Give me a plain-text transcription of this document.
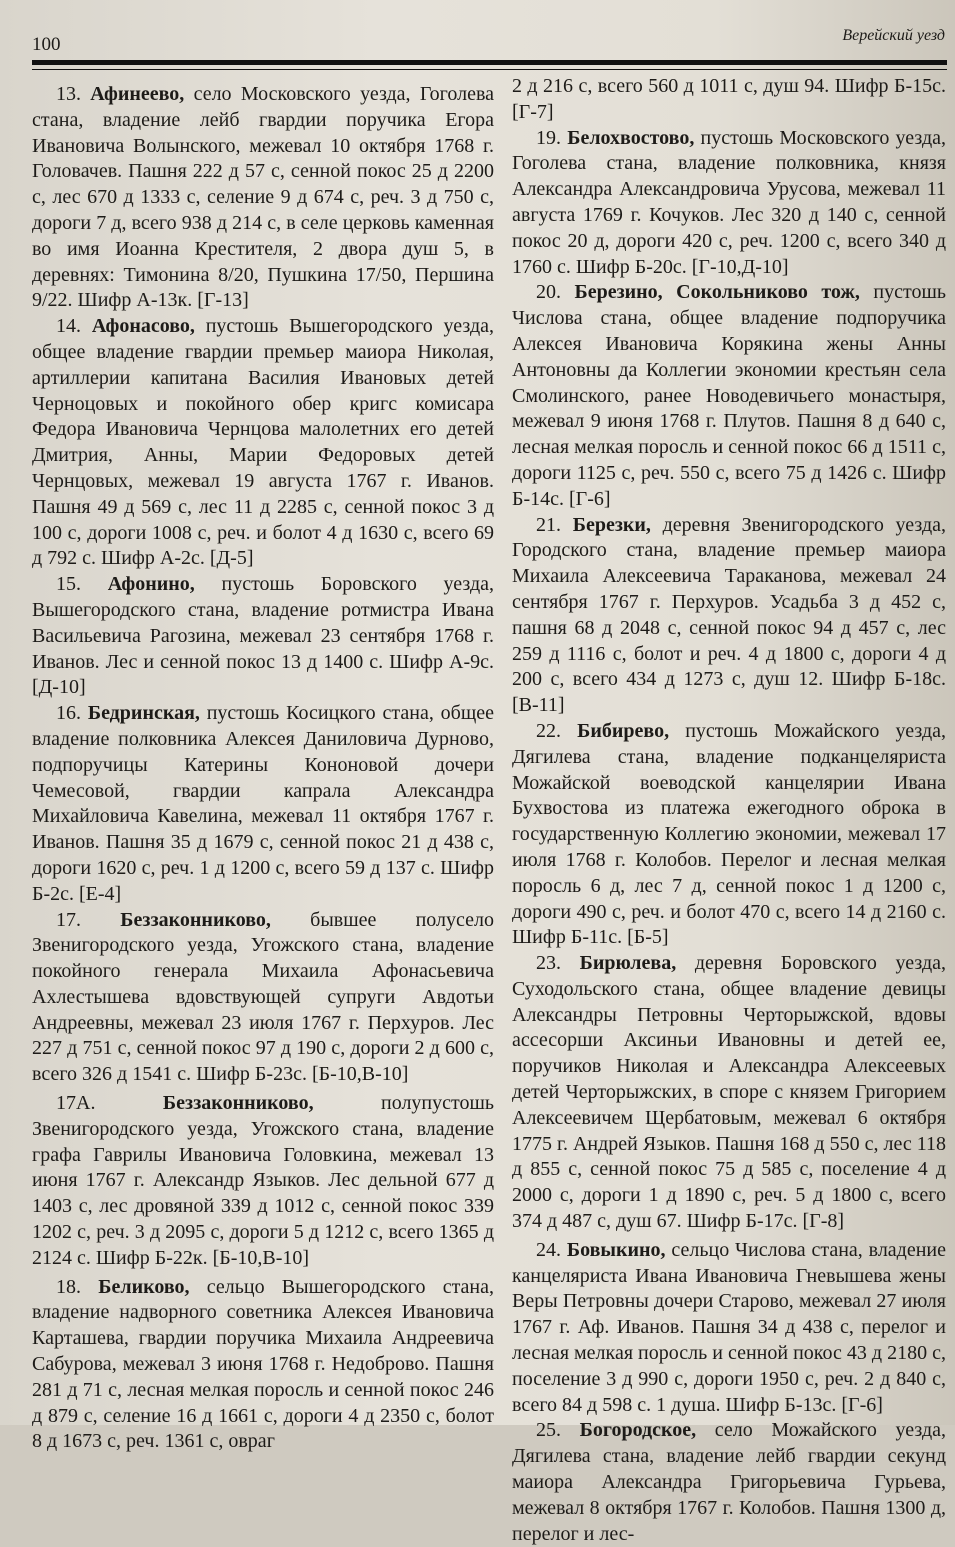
100	Верейский уезд

13. Афинеево, село Московского уезда, Гоголева стана, владение лейб гвардии поручика Егора Ивановича Волынского, межевал 10 октября 1768 г. Головачев. Пашня 222 д 57 с, сенной покос 25 д 2200 с, лес 670 д 1333 с, селение 9 д 674 с, реч. 3 д 750 с, дороги 7 д, всего 938 д 214 с, в селе церковь каменная во имя Иоанна Крестителя, 2 двора душ 5, в деревнях: Тимонина 8/20, Пушкина 17/50, Першина 9/22. Шифр А-13к. [Г-13]

14. Афонасово, пустошь Вышегородского уезда, общее владение гвардии премьер маиора Николая, артиллерии капитана Василия Ивановых детей Черноцовых и покойного обер кригс комисара Федора Ивановича Чернцова малолетних его детей Дмитрия, Анны, Марии Федоровых детей Чернцовых, межевал 19 августа 1767 г. Иванов. Пашня 49 д 569 с, лес 11 д 2285 с, сенной покос 3 д 100 с, дороги 1008 с, реч. и болот 4 д 1630 с, всего 69 д 792 с. Шифр А-2с. [Д-5]

15. Афонино, пустошь Боровского уезда, Вышегородского стана, владение ротмистра Ивана Васильевича Рагозина, межевал 23 сентября 1768 г. Иванов. Лес и сенной покос 13 д 1400 с. Шифр А-9с. [Д-10]

16. Бедринская, пустошь Косицкого стана, общее владение полковника Алексея Даниловича Дурново, подпоручицы Катерины Кононовой дочери Чемесовой, гвардии капрала Александра Михайловича Кавелина, межевал 11 октября 1767 г. Иванов. Пашня 35 д 1679 с, сенной покос 21 д 438 с, дороги 1620 с, реч. 1 д 1200 с, всего 59 д 137 с. Шифр Б-2с. [Е-4]

17. Беззаконниково, бывшее полусело Звенигородского уезда, Угожского стана, владение покойного генерала Михаила Афонасьевича Ахлестышева вдовствующей супруги Авдотьи Андреевны, межевал 23 июля 1767 г. Перхуров. Лес 227 д 751 с, сенной покос 97 д 190 с, дороги 2 д 600 с, всего 326 д 1541 с. Шифр Б-23с. [Б-10,В-10]

17А.	Беззаконниково, полупустошь Звенигородского уезда, Угожского стана, владение графа Гаврилы Ивановича Головкина, межевал 13 июня 1767 г. Александр Языков. Лес дельной 677 д 1403 с, лес дровяной 339 д 1012 с, сенной покос 339 1202 с, реч. 3 д 2095 с, дороги 5 д 1212 с, всего 1365 д 2124 с. Шифр Б-22к. [Б-10,В-10]

18. Беликово, сельцо Вышегородского стана, владение надворного советника Алексея Ивановича Карташева, гвардии поручика Михаила Андреевича Сабурова, межевал 3 июня 1768 г. Недоброво. Пашня 281 д 71 с, лесная мелкая поросль и сенной покос 246 д 879 с, селение 16 д 1661 с, дороги 4 д 2350 с, болот 8 д 1673 с, реч. 1361 с, овраг

2 д 216 с, всего 560 д 1011 с, душ 94. Шифр Б-15с. [Г-7]

19. Белохвостово, пустошь Московского уезда, Гоголева стана, владение полковника, князя Александра Александровича Урусова, межевал 11 августа 1769 г. Кочуков. Лес 320 д 140 с, сенной покос 20 д, дороги 420 с, реч. 1200 с, всего 340 д 1760 с. Шифр Б-20с. [Г-10,Д-10]

20. Березино, Сокольниково тож, пустошь Числова стана, общее владение подпоручика Алексея Ивановича Корякина жены Анны Антоновны да Коллегии экономии крестьян села Смолинского, ранее Новодевичьего монастыря, межевал 9 июня 1768 г. Плутов. Пашня 8 д 640 с, лесная мелкая поросль и сенной покос 66 д 1511 с, дороги 1125 с, реч. 550 с, всего 75 д 1426 с. Шифр Б-14с. [Г-6]

21. Березки, деревня Звенигородского уезда, Городского стана, владение премьер маиора Михаила Алексеевича Тараканова, межевал 24 сентября 1767 г. Перхуров. Усадьба 3 д 452 с, пашня 68 д 2048 с, сенной покос 94 д 457 с, лес 259 д 1116 с, болот и реч. 4 д 1800 с, дороги 4 д 200 с, всего 434 д 1273 с, душ 12. Шифр Б-18с. [В-11]

22. Бибирево, пустошь Можайского уезда, Дягилева стана, владение подканцеляриста Можайской воеводской канцелярии Ивана Бухвостова из платежа ежегодного оброка в государственную Коллегию экономии, межевал 17 июля 1768 г. Колобов. Перелог и лесная мелкая поросль 6 д, лес 7 д, сенной покос 1 д 1200 с, дороги 490 с, реч. и болот 470 с, всего 14 д 2160 с. Шифр Б-11с. [Б-5]

23. Бирюлева, деревня Боровского уезда, Суходольского стана, общее владение девицы Александры Петровны Черторыжской, вдовы ассесорши Аксиньи Ивановны и детей ее, поручиков Николая и Александра Алексеевых детей Черторыжских, в споре с князем Григорием Алексеевичем Щербатовым, межевал 6 октября 1775 г. Андрей Языков. Пашня 168 д 550 с, лес 118 д 855 с, сенной покос 75 д 585 с, поселение 4 д 2000 с, дороги 1 д 1890 с, реч. 5 д 1800 с, всего 374 д 487 с, душ 67. Шифр Б-17с. [Г-8]

24. Бовыкино, сельцо Числова стана, владение канцеляриста Ивана Ивановича Гневышева жены Веры Петровны дочери Старово, межевал 27 июля 1767 г. Аф. Иванов. Пашня 34 д 438 с, перелог и лесная мелкая поросль и сенной покос 43 д 2180 с, поселение 3 д 990 с, дороги 1950 с, реч. 2 д 840 с, всего 84 д 598 с. 1 душа. Шифр Б-13с. [Г-6]

25. Богородское, село Можайского уезда, Дягилева стана, владение лейб гвардии секунд маиора Александра Григорьевича Гурьева, межевал 8 октября 1767 г. Колобов. Пашня 1300 д, перелог и лес-
